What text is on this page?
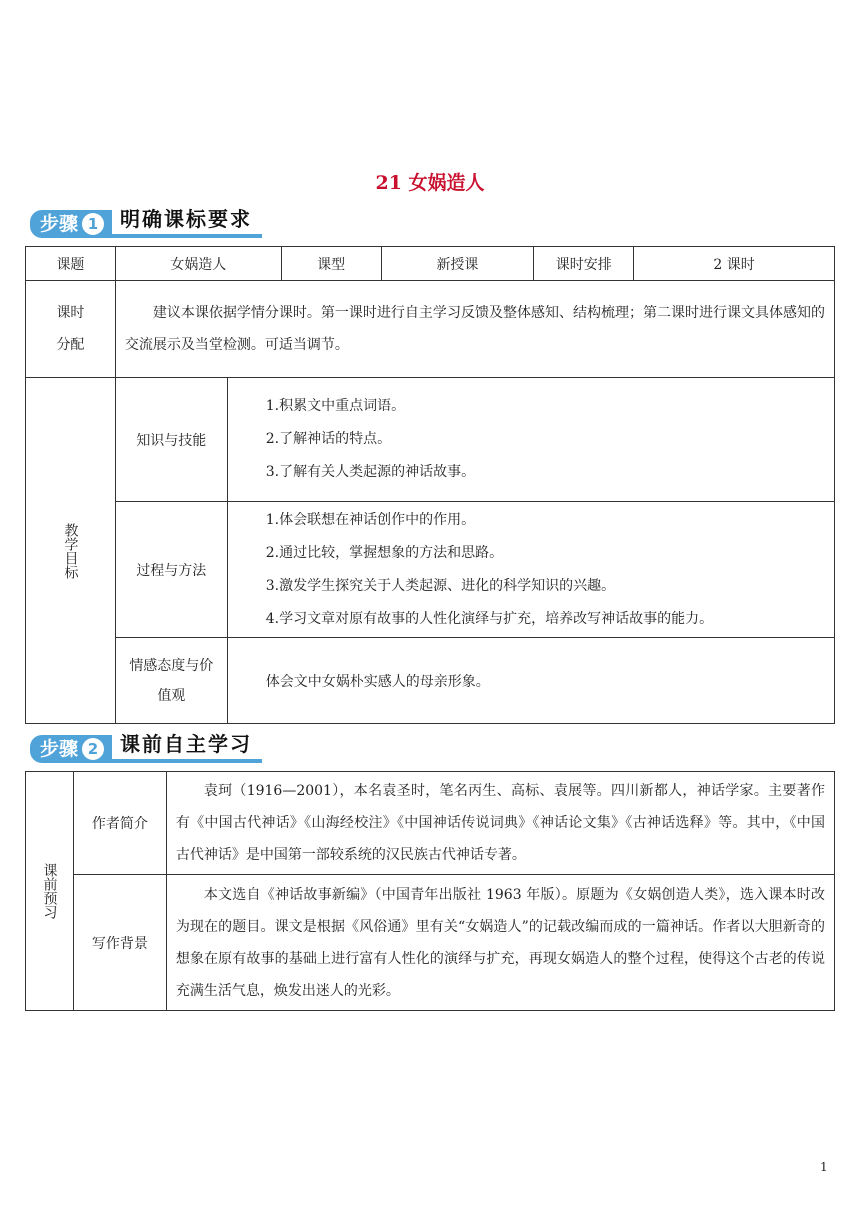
21 女娲造人
步骤 1	明确课标要求
课题	女娲造人		课型	新授课	课时安排	2 课时

课时
分配	建议本课依据学情分课时。第一课时进行自主学习反馈及整体感知、结构梳理；第二课时进行课文具体感知的交流展示及当堂检测。可适当调节。					

教学目标	知识与技能	1.积累文中重点词语。
2.了解神话的特点。
3.了解有关人类起源的神话故事。				

	过程与方法	1.体会联想在神话创作中的作用。
2.通过比较，掌握想象的方法和思路。
3.激发学生探究关于人类起源、进化的科学知识的兴趣。
4.学习文章对原有故事的人性化演绎与扩充，培养改写神话故事的能力。				

	情感态度与价
值观	体会文中女娲朴实感人的母亲形象。				
步骤 2	课前自主学习
课前预习	作者简介	袁珂（1916—2001），本名袁圣时，笔名丙生、高标、袁展等。四川新都人，神话学家。主要著作有《中国古代神话》《山海经校注》《中国神话传说词典》《神话论文集》《古神话选释》等。其中，《中国古代神话》是中国第一部较系统的汉民族古代神话专著。

	写作背景	本文选自《神话故事新编》（中国青年出版社 1963 年版）。原题为《女娲创造人类》，选入课本时改为现在的题目。课文是根据《风俗通》里有关“女娲造人”的记载改编而成的一篇神话。作者以大胆新奇的想象在原有故事的基础上进行富有人性化的演绎与扩充，再现女娲造人的整个过程，使得这个古老的传说充满生活气息，焕发出迷人的光彩。
1
